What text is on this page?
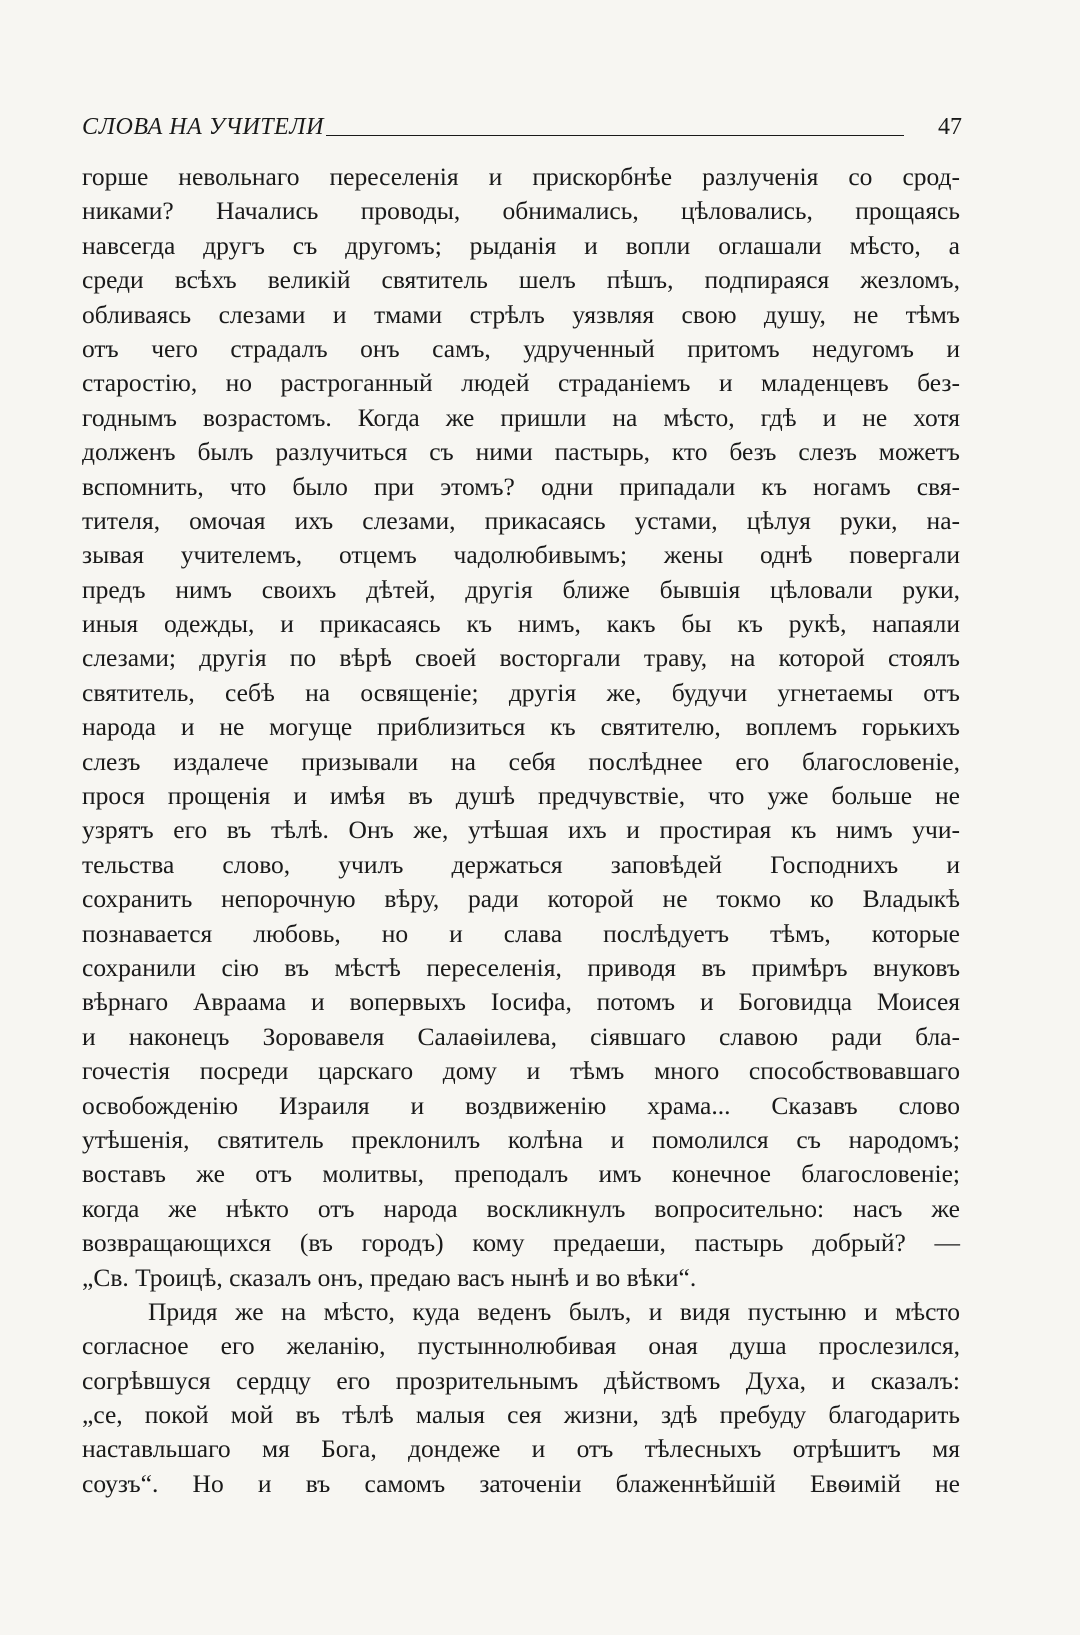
СЛОВА НА УЧИТЕЛИ	47
горше невольнаго переселенія и прискорбнѣе разлученія со срод-
никами? Начались проводы, обнимались, цѣловались, прощаясь
навсегда другъ съ другомъ; рыданія и вопли оглашали мѣсто, а
среди всѣхъ великій святитель шелъ пѣшъ, подпираяся жезломъ,
обливаясь слезами и тмами стрѣлъ уязвляя свою душу, не тѣмъ
отъ чего страдалъ онъ самъ, удрученный притомъ недугомъ и
старостію, но растроганный людей страданіемъ и младенцевъ без-
годнымъ возрастомъ. Когда же пришли на мѣсто, гдѣ и не хотя
долженъ былъ разлучиться съ ними пастырь, кто безъ слезъ можетъ
вспомнить, что было при этомъ? одни припадали къ ногамъ свя-
тителя, омочая ихъ слезами, прикасаясь устами, цѣлуя руки, на-
зывая учителемъ, отцемъ чадолюбивымъ; жены однѣ повергали
предъ нимъ своихъ дѣтей, другія ближе бывшія цѣловали руки,
иныя одежды, и прикасаясь къ нимъ, какъ бы къ рукѣ, напаяли
слезами; другія по вѣрѣ своей восторгали траву, на которой стоялъ
святитель, себѣ на освященіе; другія же, будучи угнетаемы отъ
народа и не могуще приблизиться къ святителю, воплемъ горькихъ
слезъ издалече призывали на себя послѣднее его благословеніе,
прося прощенія и имѣя въ душѣ предчувствіе, что уже больше не
узрятъ его въ тѣлѣ. Онъ же, утѣшая ихъ и простирая къ нимъ учи-
тельства слово, училъ держаться заповѣдей Господнихъ и
сохранить непорочную вѣру, ради которой не токмо ко Владыкѣ
познавается любовь, но и слава послѣдуетъ тѣмъ, которые
сохранили сію въ мѣстѣ переселенія, приводя въ примѣръ внуковъ
вѣрнаго Авраама и вопервыхъ Іосифа, потомъ и Боговидца Моисея
и наконецъ Зоровавеля Салаѳіилева, сіявшаго славою ради бла-
гочестія посреди царскаго дому и тѣмъ много способствовавшаго
освобожденію Израиля и воздвиженію храма... Сказавъ слово
утѣшенія, святитель преклонилъ колѣна и помолился съ народомъ;
воставъ же отъ молитвы, преподалъ имъ конечное благословеніе;
когда же нѣкто отъ народа воскликнулъ вопросительно: насъ же
возвращающихся (въ городъ) кому предаеши, пастырь добрый? —
„Св. Троицѣ, сказалъ онъ, предаю васъ нынѣ и во вѣки“.
Придя же на мѣсто, куда веденъ былъ, и видя пустыню и мѣсто
согласное его желанію, пустыннолюбивая оная душа прослезился,
согрѣвшуся сердцу его прозрительнымъ дѣйствомъ Духа, и сказалъ:
„се, покой мой въ тѣлѣ малыя сея жизни, здѣ пребуду благодарить
наставльшаго мя Бога, дондеже и отъ тѣлесныхъ отрѣшитъ мя
соузъ“. Но и въ самомъ заточеніи блаженнѣйшій Евѳимій не
